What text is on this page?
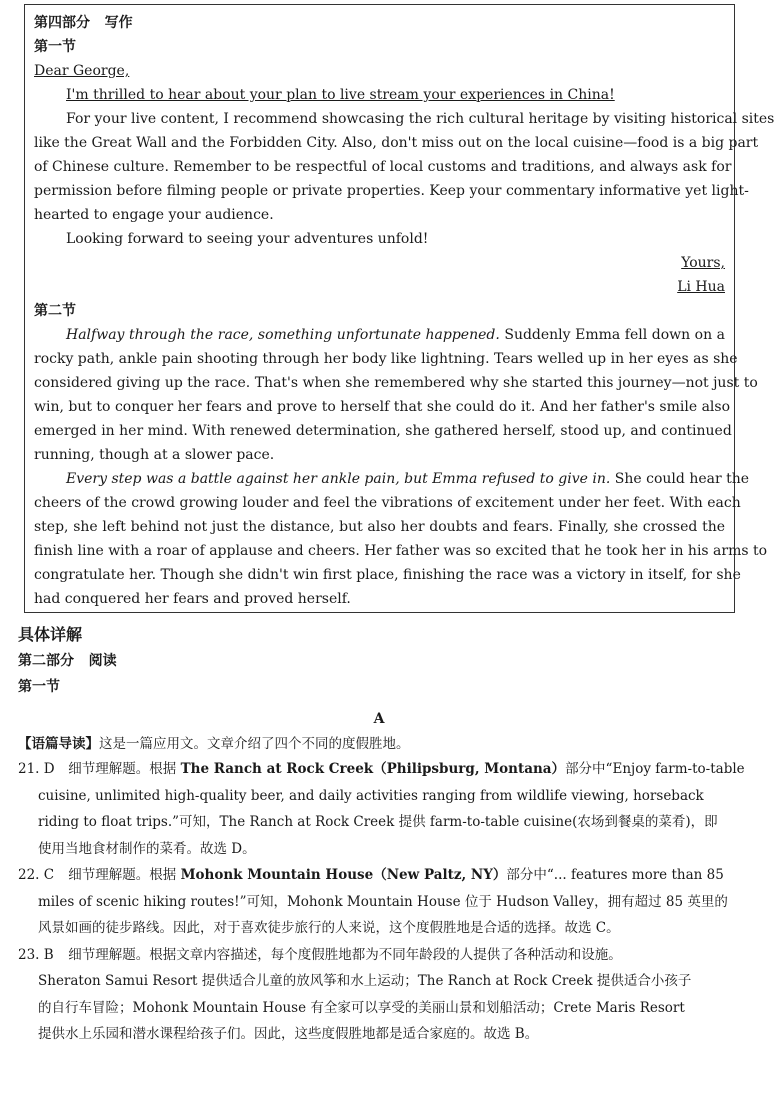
第四部分   写作
第一节
Dear George,
I'm thrilled to hear about your plan to live stream your experiences in China!
For your live content, I recommend showcasing the rich cultural heritage by visiting historical sites
like the Great Wall and the Forbidden City. Also, don't miss out on the local cuisine—food is a big part
of Chinese culture. Remember to be respectful of local customs and traditions, and always ask for
permission before filming people or private properties. Keep your commentary informative yet light-
hearted to engage your audience.
Looking forward to seeing your adventures unfold!
Yours,
Li Hua
第二节
Halfway through the race, something unfortunate happened. Suddenly Emma fell down on a
rocky path, ankle pain shooting through her body like lightning. Tears welled up in her eyes as she
considered giving up the race. That's when she remembered why she started this journey—not just to
win, but to conquer her fears and prove to herself that she could do it. And her father's smile also
emerged in her mind. With renewed determination, she gathered herself, stood up, and continued
running, though at a slower pace.
Every step was a battle against her ankle pain, but Emma refused to give in. She could hear the
cheers of the crowd growing louder and feel the vibrations of excitement under her feet. With each
step, she left behind not just the distance, but also her doubts and fears. Finally, she crossed the
finish line with a roar of applause and cheers. Her father was so excited that he took her in his arms to
congratulate her. Though she didn't win first place, finishing the race was a victory in itself, for she
had conquered her fears and proved herself.
具体详解
第二部分   阅读
第一节
A
【语篇导读】这是一篇应用文。文章介绍了四个不同的度假胜地。
21. D 细节理解题。根据 The Ranch at Rock Creek（Philipsburg, Montana）部分中“Enjoy farm-to-table
cuisine, unlimited high-quality beer, and daily activities ranging from wildlife viewing, horseback
riding to float trips.”可知，The Ranch at Rock Creek 提供 farm-to-table cuisine(农场到餐桌的菜肴)，即
使用当地食材制作的菜肴。故选 D。
22. C 细节理解题。根据 Mohonk Mountain House（New Paltz, NY）部分中“... features more than 85
miles of scenic hiking routes!”可知，Mohonk Mountain House 位于 Hudson Valley，拥有超过 85 英里的
风景如画的徒步路线。因此，对于喜欢徒步旅行的人来说，这个度假胜地是合适的选择。故选 C。
23. B 细节理解题。根据文章内容描述，每个度假胜地都为不同年龄段的人提供了各种活动和设施。
Sheraton Samui Resort 提供适合儿童的放风筝和水上运动；The Ranch at Rock Creek 提供适合小孩子
的自行车冒险；Mohonk Mountain House 有全家可以享受的美丽山景和划船活动；Crete Maris Resort
提供水上乐园和潜水课程给孩子们。因此，这些度假胜地都是适合家庭的。故选 B。
